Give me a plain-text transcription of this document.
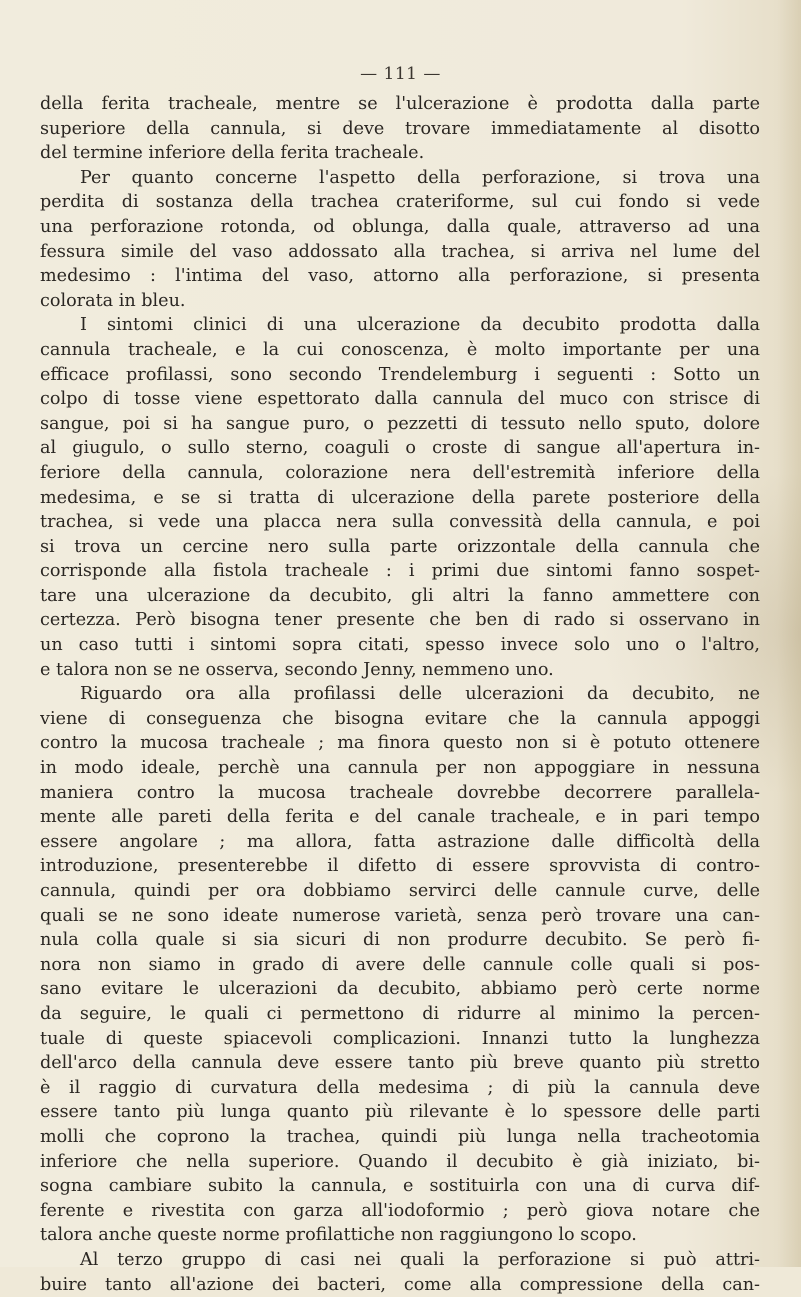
— 111 —
della ferita tracheale, mentre se l'ulcerazione è prodotta dalla parte
superiore della cannula, si deve trovare immediatamente al disotto
del termine inferiore della ferita tracheale.
Per quanto concerne l'aspetto della perforazione, si trova una
perdita di sostanza della trachea crateriforme, sul cui fondo si vede
una perforazione rotonda, od oblunga, dalla quale, attraverso ad una
fessura simile del vaso addossato alla trachea, si arriva nel lume del
medesimo : l'intima del vaso, attorno alla perforazione, si presenta
colorata in bleu.
I sintomi clinici di una ulcerazione da decubito prodotta dalla
cannula tracheale, e la cui conoscenza, è molto importante per una
efficace profilassi, sono secondo Trendelemburg i seguenti : Sotto un
colpo di tosse viene espettorato dalla cannula del muco con strisce di
sangue, poi si ha sangue puro, o pezzetti di tessuto nello sputo, dolore
al giugulo, o sullo sterno, coaguli o croste di sangue all'apertura in-
feriore della cannula, colorazione nera dell'estremità inferiore della
medesima, e se si tratta di ulcerazione della parete posteriore della
trachea, si vede una placca nera sulla convessità della cannula, e poi
si trova un cercine nero sulla parte orizzontale della cannula che
corrisponde alla fistola tracheale : i primi due sintomi fanno sospet-
tare una ulcerazione da decubito, gli altri la fanno ammettere con
certezza. Però bisogna tener presente che ben di rado si osservano in
un caso tutti i sintomi sopra citati, spesso invece solo uno o l'altro,
e talora non se ne osserva, secondo Jenny, nemmeno uno.
Riguardo ora alla profilassi delle ulcerazioni da decubito, ne
viene di conseguenza che bisogna evitare che la cannula appoggi
contro la mucosa tracheale ; ma finora questo non si è potuto ottenere
in modo ideale, perchè una cannula per non appoggiare in nessuna
maniera contro la mucosa tracheale dovrebbe decorrere parallela-
mente alle pareti della ferita e del canale tracheale, e in pari tempo
essere angolare ; ma allora, fatta astrazione dalle difficoltà della
introduzione, presenterebbe il difetto di essere sprovvista di contro-
cannula, quindi per ora dobbiamo servirci delle cannule curve, delle
quali se ne sono ideate numerose varietà, senza però trovare una can-
nula colla quale si sia sicuri di non produrre decubito. Se però fi-
nora non siamo in grado di avere delle cannule colle quali si pos-
sano evitare le ulcerazioni da decubito, abbiamo però certe norme
da seguire, le quali ci permettono di ridurre al minimo la percen-
tuale di queste spiacevoli complicazioni. Innanzi tutto la lunghezza
dell'arco della cannula deve essere tanto più breve quanto più stretto
è il raggio di curvatura della medesima ; di più la cannula deve
essere tanto più lunga quanto più rilevante è lo spessore delle parti
molli che coprono la trachea, quindi più lunga nella tracheotomia
inferiore che nella superiore. Quando il decubito è già iniziato, bi-
sogna cambiare subito la cannula, e sostituirla con una di curva dif-
ferente e rivestita con garza all'iodoformio ; però giova notare che
talora anche queste norme profilattiche non raggiungono lo scopo.
Al terzo gruppo di casi nei quali la perforazione si può attri-
buire tanto all'azione dei bacteri, come alla compressione della can-
